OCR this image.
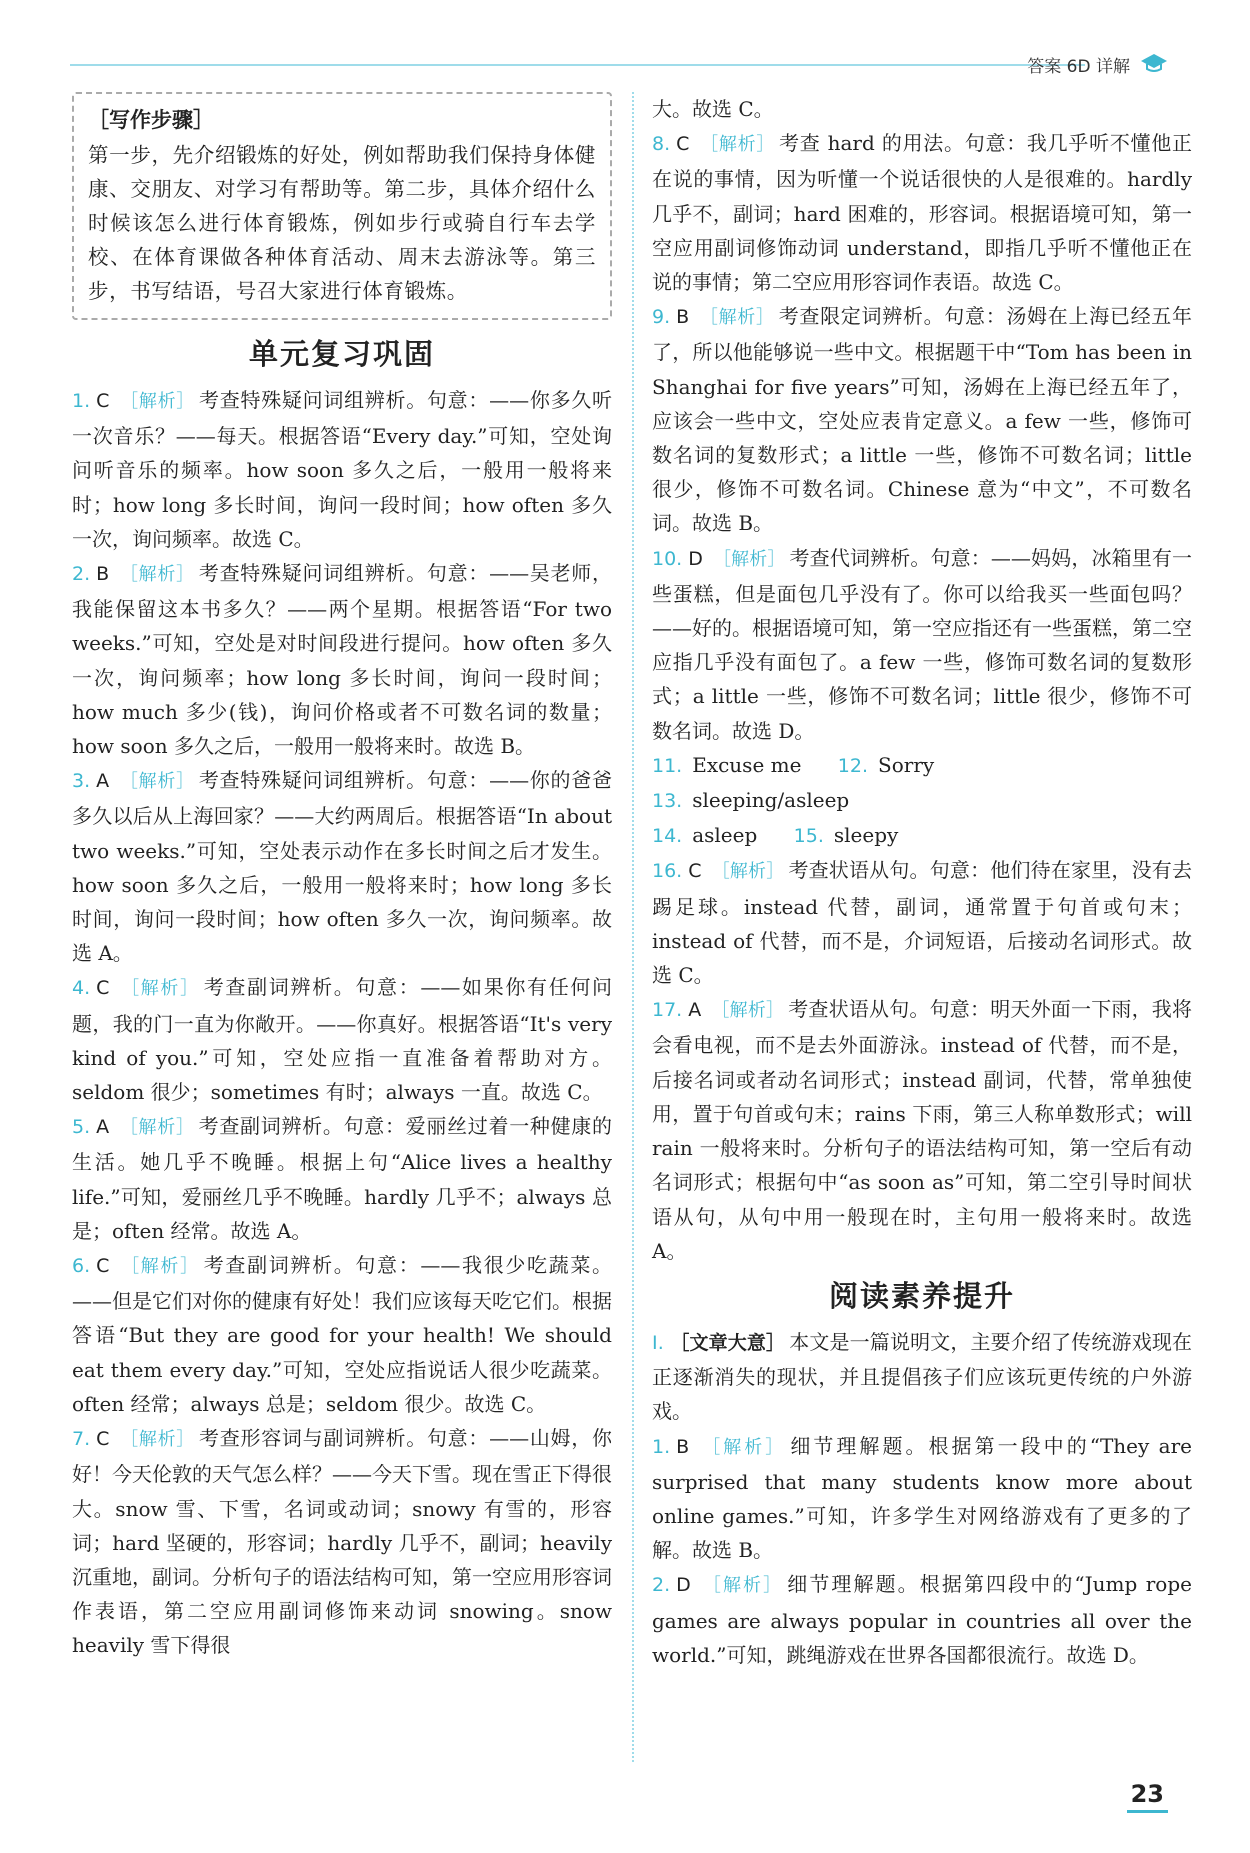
答案 6D 详解
［写作步骤］
第一步，先介绍锻炼的好处，例如帮助我们保持身体健康、交朋友、对学习有帮助等。第二步，具体介绍什么时候该怎么进行体育锻炼，例如步行或骑自行车去学校、在体育课做各种体育活动、周末去游泳等。第三步，书写结语，号召大家进行体育锻炼。
单元复习巩固

1. C ［解析］ 考查特殊疑问词组辨析。句意：——你多久听一次音乐？——每天。根据答语“Every day.”可知，空处询问听音乐的频率。how soon 多久之后，一般用一般将来时；how long 多长时间，询问一段时间；how often 多久一次，询问频率。故选 C。

2. B ［解析］ 考查特殊疑问词组辨析。句意：——吴老师，我能保留这本书多久？——两个星期。根据答语“For two weeks.”可知，空处是对时间段进行提问。how often 多久一次，询问频率；how long 多长时间，询问一段时间；how much 多少(钱)，询问价格或者不可数名词的数量；how soon 多久之后，一般用一般将来时。故选 B。

3. A ［解析］ 考查特殊疑问词组辨析。句意：——你的爸爸多久以后从上海回家？——大约两周后。根据答语“In about two weeks.”可知，空处表示动作在多长时间之后才发生。how soon 多久之后，一般用一般将来时；how long 多长时间，询问一段时间；how often 多久一次，询问频率。故选 A。

4. C ［解析］ 考查副词辨析。句意：——如果你有任何问题，我的门一直为你敞开。——你真好。根据答语“It's very kind of you.”可知，空处应指一直准备着帮助对方。seldom 很少；sometimes 有时；always 一直。故选 C。

5. A ［解析］ 考查副词辨析。句意：爱丽丝过着一种健康的生活。她几乎不晚睡。根据上句“Alice lives a healthy life.”可知，爱丽丝几乎不晚睡。hardly 几乎不；always 总是；often 经常。故选 A。

6. C ［解析］ 考查副词辨析。句意：——我很少吃蔬菜。——但是它们对你的健康有好处！我们应该每天吃它们。根据答语“But they are good for your health! We should eat them every day.”可知，空处应指说话人很少吃蔬菜。often 经常；always 总是；seldom 很少。故选 C。

7. C ［解析］ 考查形容词与副词辨析。句意：——山姆，你好！今天伦敦的天气怎么样？——今天下雪。现在雪正下得很大。snow 雪、下雪，名词或动词；snowy 有雪的，形容词；hard 坚硬的，形容词；hardly 几乎不，副词；heavily 沉重地，副词。分析句子的语法结构可知，第一空应用形容词作表语，第二空应用副词修饰来动词 snowing。snow heavily 雪下得很

大。故选 C。

8. C ［解析］ 考查 hard 的用法。句意：我几乎听不懂他正在说的事情，因为听懂一个说话很快的人是很难的。hardly 几乎不，副词；hard 困难的，形容词。根据语境可知，第一空应用副词修饰动词 understand，即指几乎听不懂他正在说的事情；第二空应用形容词作表语。故选 C。

9. B ［解析］ 考查限定词辨析。句意：汤姆在上海已经五年了，所以他能够说一些中文。根据题干中“Tom has been in Shanghai for five years”可知，汤姆在上海已经五年了，应该会一些中文，空处应表肯定意义。a few 一些，修饰可数名词的复数形式；a little 一些，修饰不可数名词；little 很少，修饰不可数名词。Chinese 意为“中文”，不可数名词。故选 B。

10. D ［解析］ 考查代词辨析。句意：——妈妈，冰箱里有一些蛋糕，但是面包几乎没有了。你可以给我买一些面包吗？——好的。根据语境可知，第一空应指还有一些蛋糕，第二空应指几乎没有面包了。a few 一些，修饰可数名词的复数形式；a little 一些，修饰不可数名词；little 很少，修饰不可数名词。故选 D。

11. Excuse me 12. Sorry 13. sleeping/asleep
14. asleep 15. sleepy

16. C ［解析］ 考查状语从句。句意：他们待在家里，没有去踢足球。instead 代替，副词，通常置于句首或句末；instead of 代替，而不是，介词短语，后接动名词形式。故选 C。

17. A ［解析］ 考查状语从句。句意：明天外面一下雨，我将会看电视，而不是去外面游泳。instead of 代替，而不是，后接名词或者动名词形式；instead 副词，代替，常单独使用，置于句首或句末；rains 下雨，第三人称单数形式；will rain 一般将来时。分析句子的语法结构可知，第一空后有动名词形式；根据句中“as soon as”可知，第二空引导时间状语从句，从句中用一般现在时，主句用一般将来时。故选 A。

阅读素养提升

Ⅰ. ［文章大意］ 本文是一篇说明文，主要介绍了传统游戏现在正逐渐消失的现状，并且提倡孩子们应该玩更传统的户外游戏。

1. B ［解析］ 细节理解题。根据第一段中的“They are surprised that many students know more about online games.”可知，许多学生对网络游戏有了更多的了解。故选 B。

2. D ［解析］ 细节理解题。根据第四段中的“Jump rope games are always popular in countries all over the world.”可知，跳绳游戏在世界各国都很流行。故选 D。

23
